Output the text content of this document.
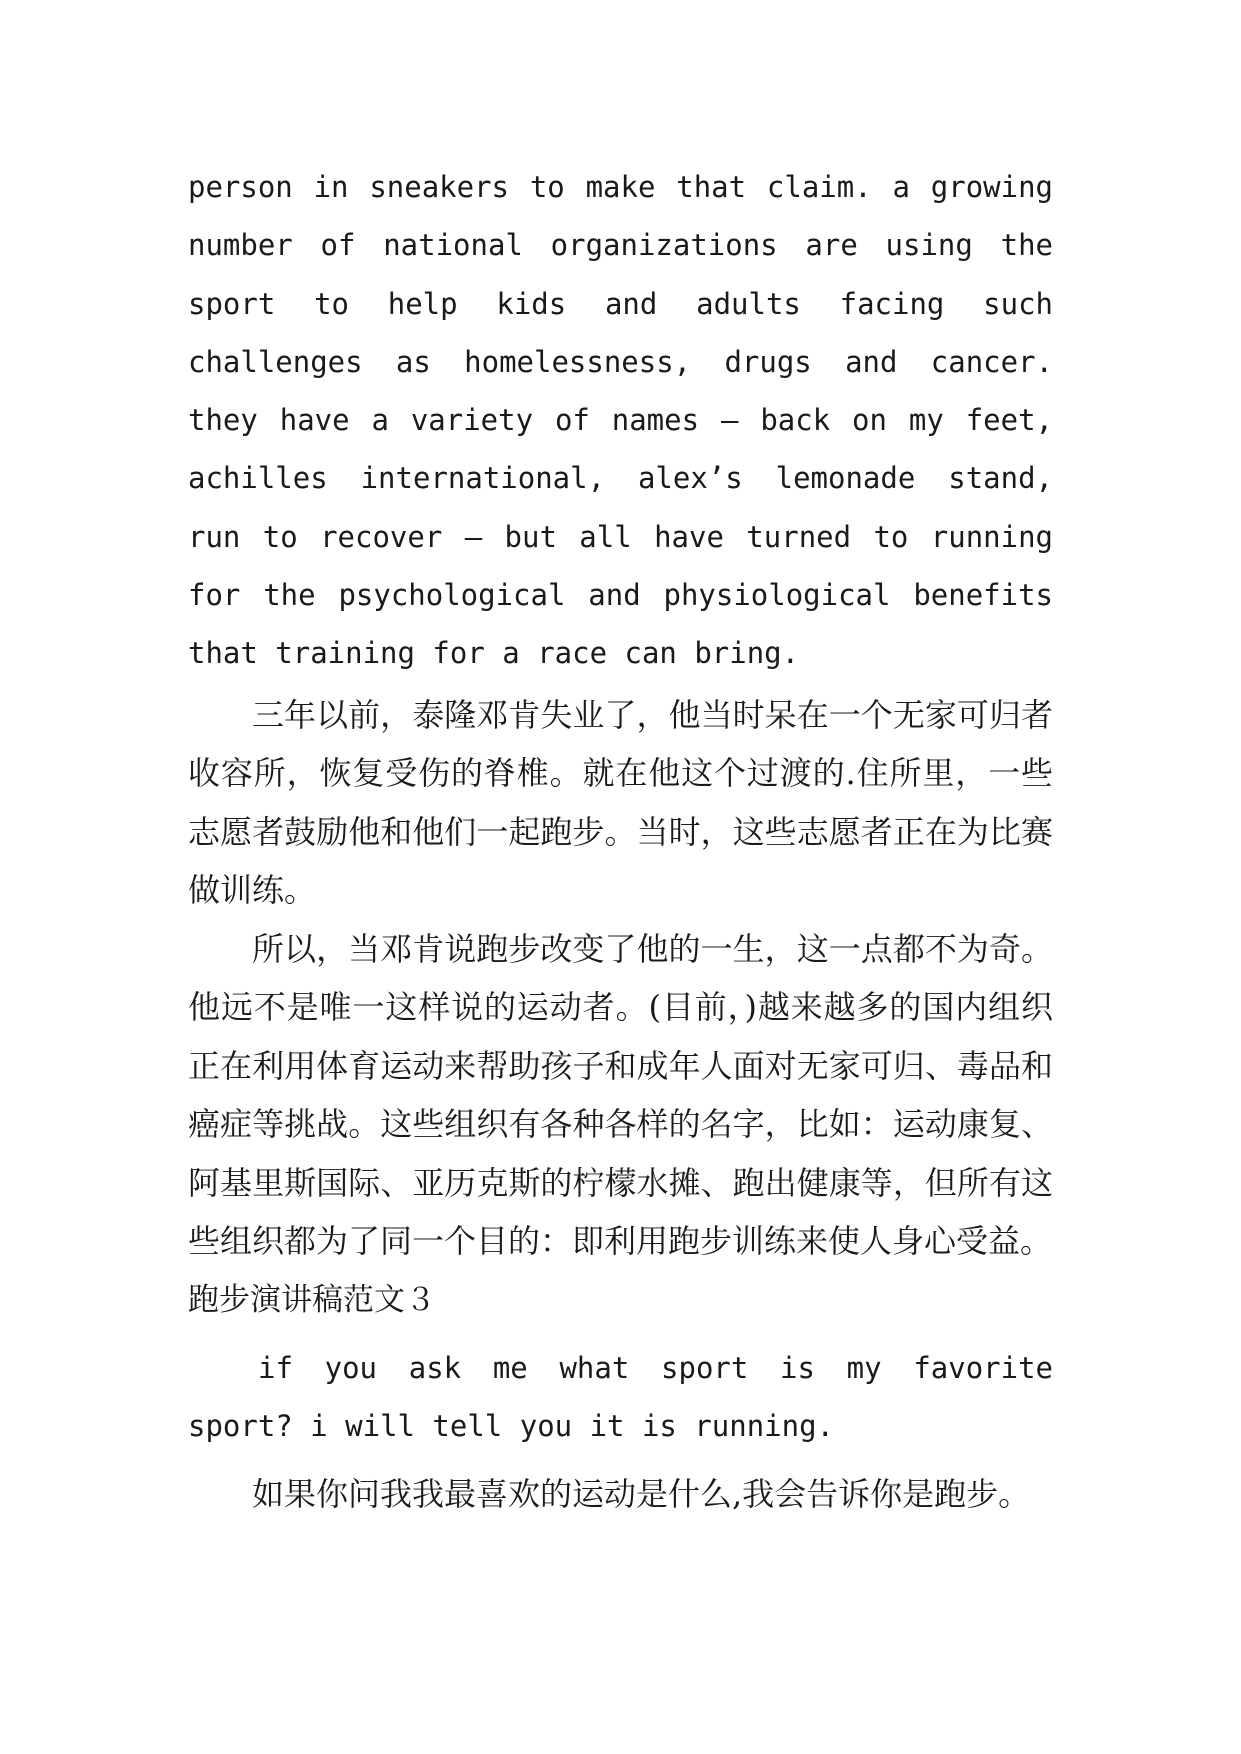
person in sneakers to make that claim. a growing number of national organizations are using the sport to help kids and adults facing such challenges as homelessness, drugs and cancer. they have a variety of names — back on my feet, achilles international, alex’s lemonade stand, run to recover — but all have turned to running for the psychological and physiological benefits that training for a race can bring.

三年以前，泰隆邓肯失业了，他当时呆在一个无家可归者收容所，恢复受伤的脊椎。就在他这个过渡的.住所里，一些志愿者鼓励他和他们一起跑步。当时，这些志愿者正在为比赛做训练。

所以，当邓肯说跑步改变了他的一生，这一点都不为奇。他远不是唯一这样说的运动者。(目前，)越来越多的国内组织正在利用体育运动来帮助孩子和成年人面对无家可归、毒品和癌症等挑战。这些组织有各种各样的名字，比如：运动康复、阿基里斯国际、亚历克斯的柠檬水摊、跑出健康等，但所有这些组织都为了同一个目的：即利用跑步训练来使人身心受益。

跑步演讲稿范文３

if you ask me what sport is my favorite sport? i will tell you it is running.

如果你问我我最喜欢的运动是什么,我会告诉你是跑步。
